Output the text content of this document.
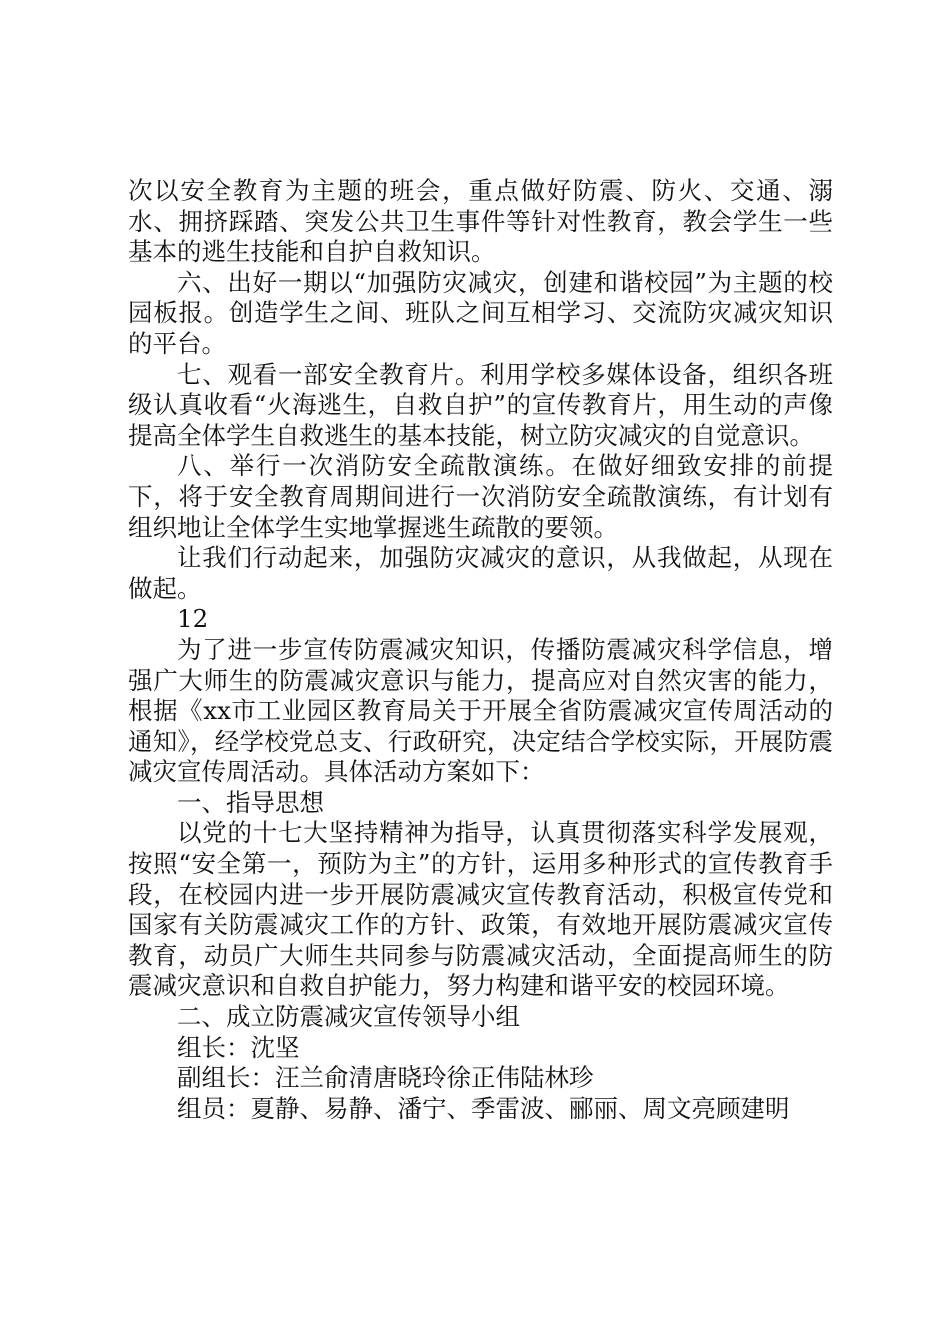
次以安全教育为主题的班会，重点做好防震、防火、交通、溺水、拥挤踩踏、突发公共卫生事件等针对性教育，教会学生一些基本的逃生技能和自护自救知识。

六、出好一期以“加强防灾减灾，创建和谐校园”为主题的校园板报。创造学生之间、班队之间互相学习、交流防灾减灾知识的平台。

七、观看一部安全教育片。利用学校多媒体设备，组织各班级认真收看“火海逃生，自救自护”的宣传教育片，用生动的声像提高全体学生自救逃生的基本技能，树立防灾减灾的自觉意识。

八、举行一次消防安全疏散演练。在做好细致安排的前提下，将于安全教育周期间进行一次消防安全疏散演练，有计划有组织地让全体学生实地掌握逃生疏散的要领。

让我们行动起来，加强防灾减灾的意识，从我做起，从现在做起。

12

为了进一步宣传防震减灾知识，传播防震减灾科学信息，增强广大师生的防震减灾意识与能力，提高应对自然灾害的能力，根据《xx市工业园区教育局关于开展全省防震减灾宣传周活动的通知》，经学校党总支、行政研究，决定结合学校实际，开展防震减灾宣传周活动。具体活动方案如下：

一、指导思想

以党的十七大坚持精神为指导，认真贯彻落实科学发展观，按照“安全第一，预防为主”的方针，运用多种形式的宣传教育手段，在校园内进一步开展防震减灾宣传教育活动，积极宣传党和国家有关防震减灾工作的方针、政策，有效地开展防震减灾宣传教育，动员广大师生共同参与防震减灾活动，全面提高师生的防震减灾意识和自救自护能力，努力构建和谐平安的校园环境。

二、成立防震减灾宣传领导小组

组长：沈坚

副组长：汪兰俞清唐晓玲徐正伟陆林珍

组员：夏静、易静、潘宁、季雷波、郦丽、周文亮顾建明
